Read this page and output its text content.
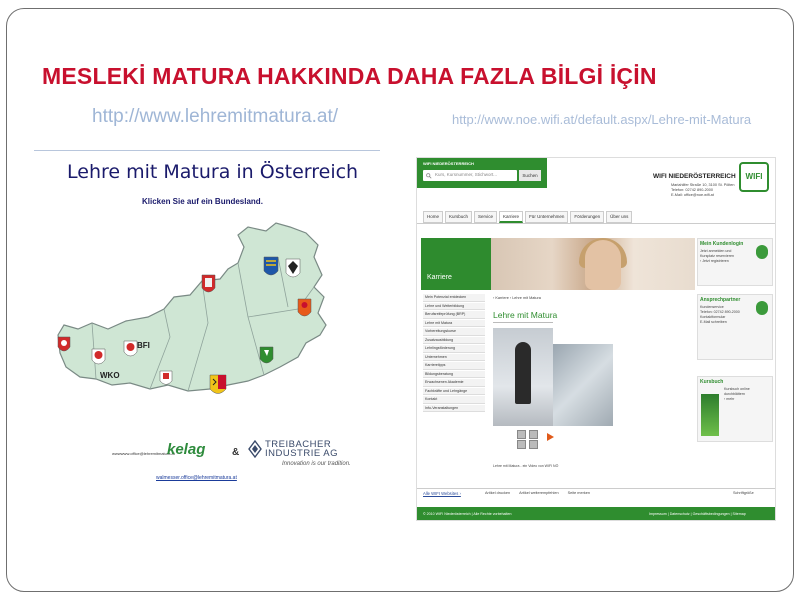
MESLEKİ MATURA HAKKINDA DAHA FAZLA BİLGİ İÇİN
http://www.lehremitmatura.at/	http://www.noe.wifi.at/default.aspx/Lehre-mit-Matura
Lehre mit Matura in Österreich
Klicken Sie auf ein Bundesland.
WKO
BFI
wwwwww.office@lehremitmatura.at
kelag	&
TREIBACHER
INDUSTRIE AG
Innovation is our tradition.
walmesser.office@lehremitmatura.at
WIFI NIEDERÖSTERREICH
Kurs, Kursnummer, Stichwort...	Suchen	WIFI NIEDERÖSTERREICH	WIFI
Mariahilfer Straße 10, 3100 St. Pölten
Telefon: 02742 890-2000
E-Mail: office@noe.wifi.at
Home	Kursbuch	Service	Karriere	Für Unternehmen	Förderungen	Über uns
Karriere
Mein Potenzial entdecken
Lehre und Weiterbildung
Berufsreifeprüfung (BRP)
Lehre mit Matura
Vorbereitungskurse
Zusatzausbildung
Lehrlingsförderung
Unternehmen
Karrieretipps
Bildungsberatung
Erwachsenen Akademie
Fachkräfte und Lehrgänge
Kontakt
Info-Veranstaltungen
› Karriere › Lehre mit Matura
Lehre mit Matura
Lehre mit Matura - ein Video von WIFI NÖ
Mein Kundenlogin
Jetzt anmelden und
Kursplatz reservieren
› Jetzt registrieren
Ansprechpartner
Kundenservice
Telefon: 02742 890-2000
Kontaktformular
E-Mail schreiben
Kursbuch
Kursbuch online
durchblättern
› mehr
Alle WIFI Websites ›	Artikel drucken Artikel weiterempfehlen Seite merken	Schriftgröße
© 2010 WIFI Niederösterreich | Alle Rechte vorbehalten	Impressum | Datenschutz | Geschäftsbedingungen | Sitemap
